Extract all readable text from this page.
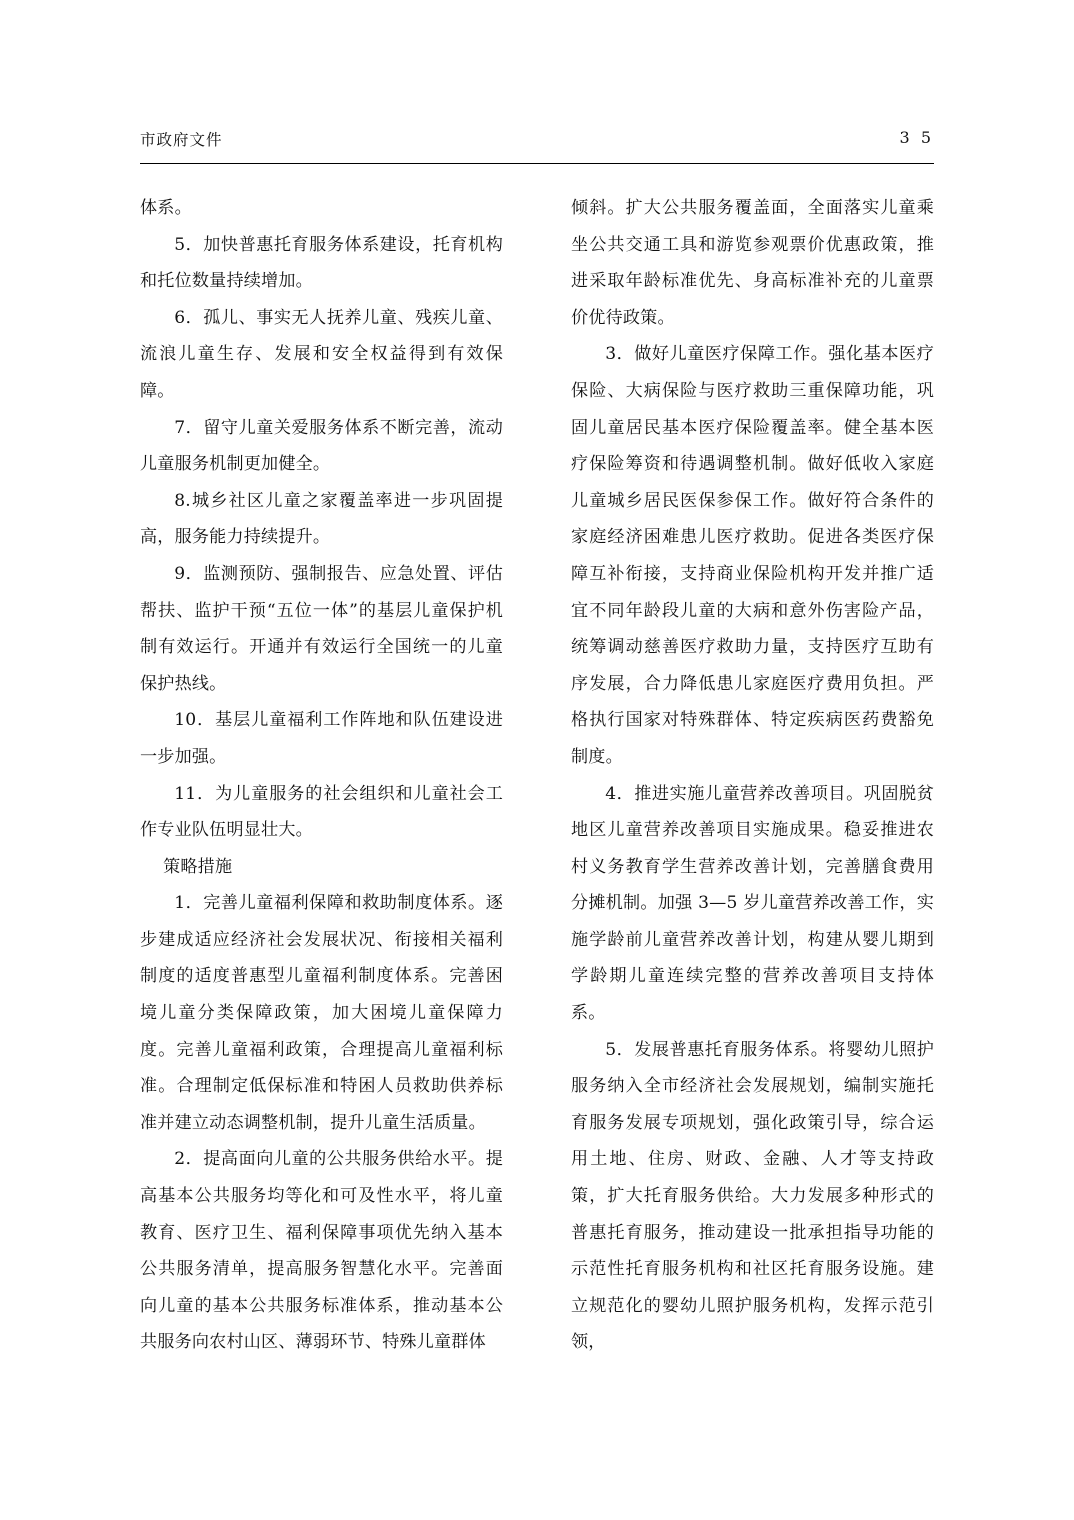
市政府文件	3 5

体系。

5．加快普惠托育服务体系建设，托育机构和托位数量持续增加。

6．孤儿、事实无人抚养儿童、残疾儿童、流浪儿童生存、发展和安全权益得到有效保障。

7．留守儿童关爱服务体系不断完善，流动儿童服务机制更加健全。

8.城乡社区儿童之家覆盖率进一步巩固提高，服务能力持续提升。

9．监测预防、强制报告、应急处置、评估帮扶、监护干预“五位一体”的基层儿童保护机制有效运行。开通并有效运行全国统一的儿童保护热线。

10．基层儿童福利工作阵地和队伍建设进一步加强。

11．为儿童服务的社会组织和儿童社会工作专业队伍明显壮大。

策略措施

1．完善儿童福利保障和救助制度体系。逐步建成适应经济社会发展状况、衔接相关福利制度的适度普惠型儿童福利制度体系。完善困境儿童分类保障政策，加大困境儿童保障力度。完善儿童福利政策，合理提高儿童福利标准。合理制定低保标准和特困人员救助供养标准并建立动态调整机制，提升儿童生活质量。

2．提高面向儿童的公共服务供给水平。提高基本公共服务均等化和可及性水平，将儿童教育、医疗卫生、福利保障事项优先纳入基本公共服务清单，提高服务智慧化水平。完善面向儿童的基本公共服务标准体系，推动基本公共服务向农村山区、薄弱环节、特殊儿童群体

倾斜。扩大公共服务覆盖面，全面落实儿童乘坐公共交通工具和游览参观票价优惠政策，推进采取年龄标准优先、身高标准补充的儿童票价优待政策。

3．做好儿童医疗保障工作。强化基本医疗保险、大病保险与医疗救助三重保障功能，巩固儿童居民基本医疗保险覆盖率。健全基本医疗保险筹资和待遇调整机制。做好低收入家庭儿童城乡居民医保参保工作。做好符合条件的家庭经济困难患儿医疗救助。促进各类医疗保障互补衔接，支持商业保险机构开发并推广适宜不同年龄段儿童的大病和意外伤害险产品，统筹调动慈善医疗救助力量，支持医疗互助有序发展，合力降低患儿家庭医疗费用负担。严格执行国家对特殊群体、特定疾病医药费豁免制度。

4．推进实施儿童营养改善项目。巩固脱贫地区儿童营养改善项目实施成果。稳妥推进农村义务教育学生营养改善计划，完善膳食费用分摊机制。加强 3—5 岁儿童营养改善工作，实施学龄前儿童营养改善计划，构建从婴儿期到学龄期儿童连续完整的营养改善项目支持体系。

5．发展普惠托育服务体系。将婴幼儿照护服务纳入全市经济社会发展规划，编制实施托育服务发展专项规划，强化政策引导，综合运用土地、住房、财政、金融、人才等支持政策，扩大托育服务供给。大力发展多种形式的普惠托育服务，推动建设一批承担指导功能的示范性托育服务机构和社区托育服务设施。建立规范化的婴幼儿照护服务机构，发挥示范引领，
